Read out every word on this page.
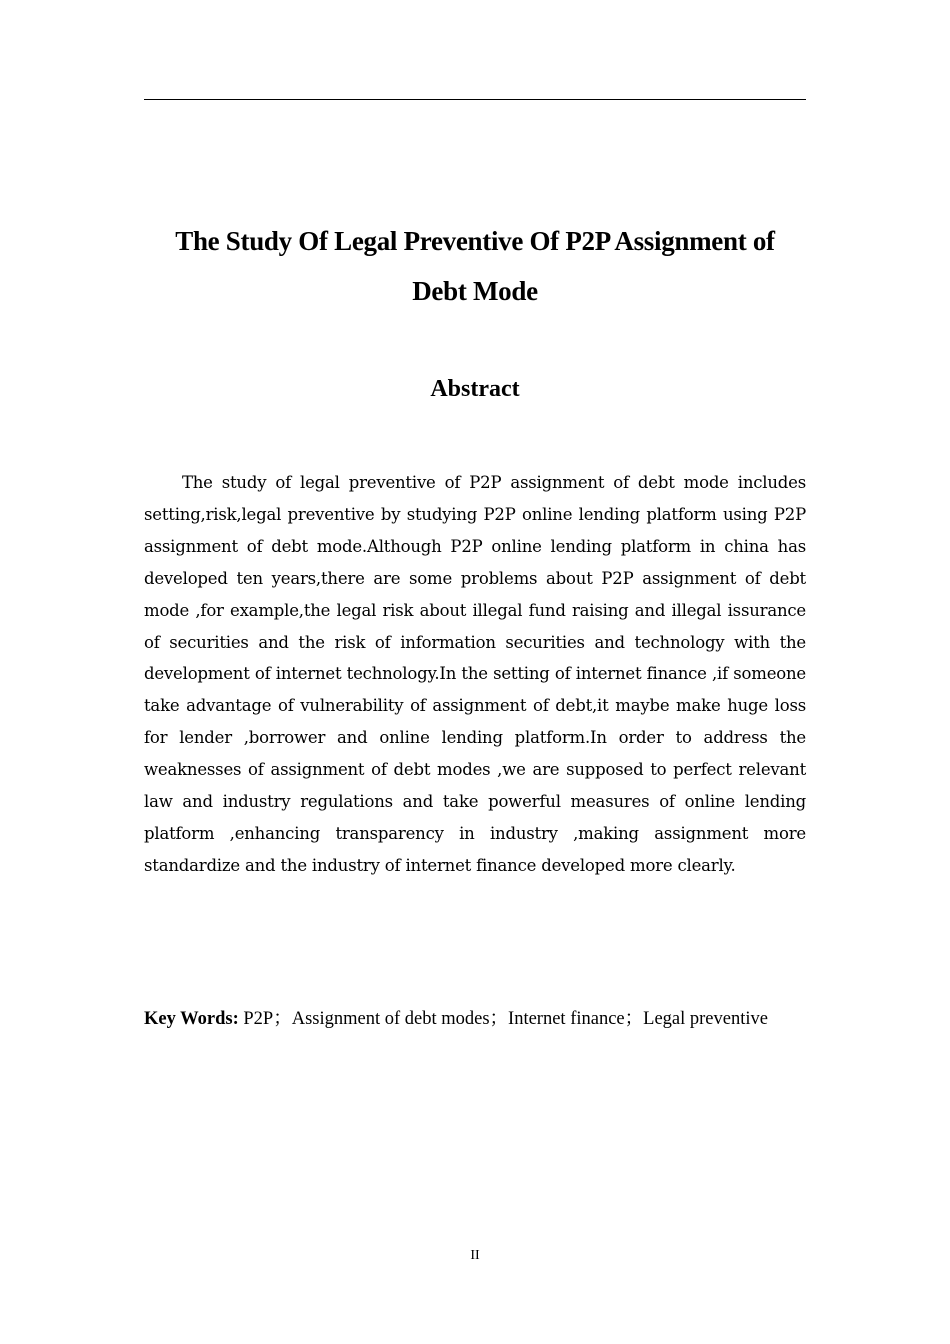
The Study Of Legal Preventive Of P2P Assignment of
Debt Mode
Abstract
The study of legal preventive of P2P assignment of debt mode includes setting,risk,legal preventive by studying P2P online lending platform using P2P assignment of debt mode.Although P2P online lending platform in china has developed ten years,there are some problems about P2P assignment of debt mode ,for example,the legal risk about illegal fund raising and illegal issurance of securities and the risk of information securities and technology with the development of internet technology.In the setting of internet finance ,if someone take advantage of vulnerability of assignment of debt,it maybe make huge loss for lender ,borrower and online lending platform.In order to address the weaknesses of assignment of debt modes ,we are supposed to perfect relevant law and industry regulations and take powerful measures of online lending platform ,enhancing transparency in industry ,making assignment more standardize and the industry of internet finance developed more clearly.
Key Words: P2P；Assignment of debt modes；Internet finance；Legal preventive
II
